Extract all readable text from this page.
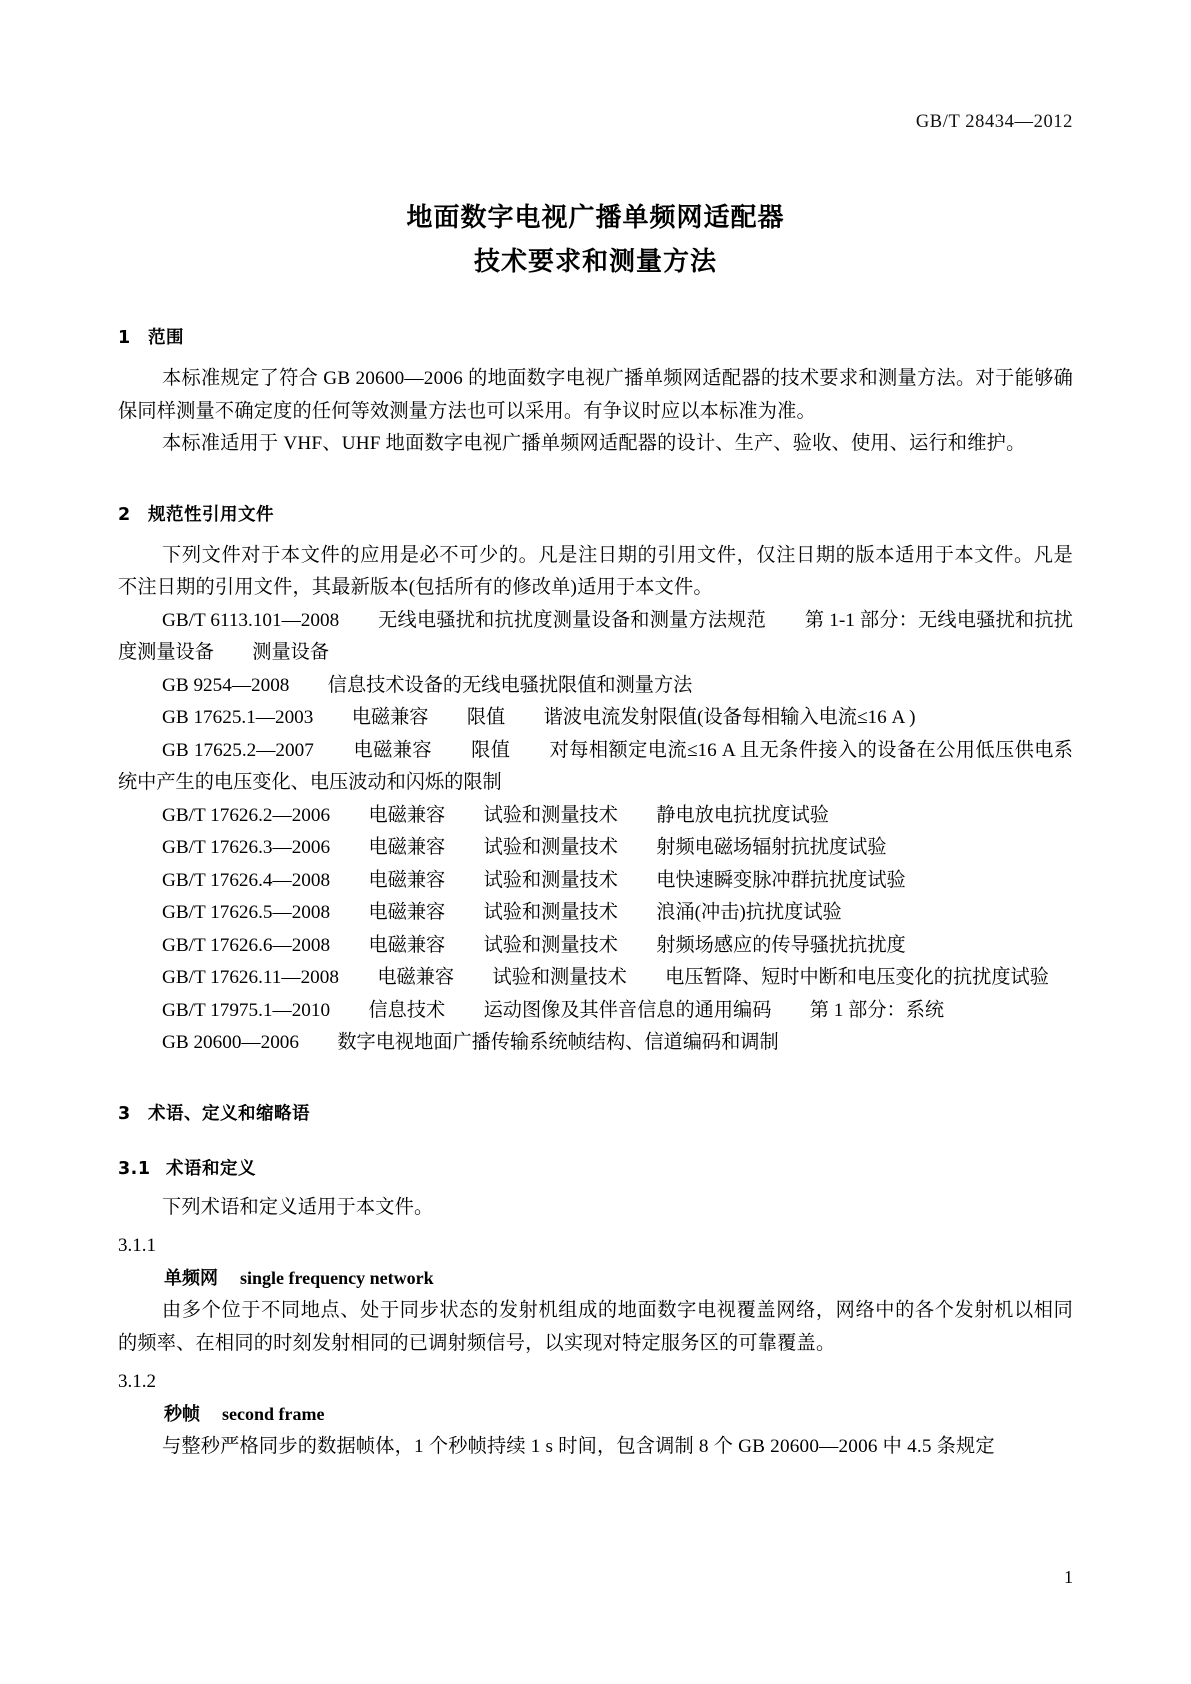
GB/T 28434—2012
地面数字电视广播单频网适配器
技术要求和测量方法
1 范围

本标准规定了符合 GB 20600—2006 的地面数字电视广播单频网适配器的技术要求和测量方法。对于能够确保同样测量不确定度的任何等效测量方法也可以采用。有争议时应以本标准为准。

本标准适用于 VHF、UHF 地面数字电视广播单频网适配器的设计、生产、验收、使用、运行和维护。

2 规范性引用文件

下列文件对于本文件的应用是必不可少的。凡是注日期的引用文件，仅注日期的版本适用于本文件。凡是不注日期的引用文件，其最新版本(包括所有的修改单)适用于本文件。

GB/T 6113.101—2008　　无线电骚扰和抗扰度测量设备和测量方法规范　　第 1-1 部分：无线电骚扰和抗扰度测量设备　　测量设备

GB 9254—2008　　信息技术设备的无线电骚扰限值和测量方法

GB 17625.1—2003　　电磁兼容　　限值　　谐波电流发射限值(设备每相输入电流≤16 A )

GB 17625.2—2007　　电磁兼容　　限值　　对每相额定电流≤16 A 且无条件接入的设备在公用低压供电系统中产生的电压变化、电压波动和闪烁的限制

GB/T 17626.2—2006　　电磁兼容　　试验和测量技术　　静电放电抗扰度试验

GB/T 17626.3—2006　　电磁兼容　　试验和测量技术　　射频电磁场辐射抗扰度试验

GB/T 17626.4—2008　　电磁兼容　　试验和测量技术　　电快速瞬变脉冲群抗扰度试验

GB/T 17626.5—2008　　电磁兼容　　试验和测量技术　　浪涌(冲击)抗扰度试验

GB/T 17626.6—2008　　电磁兼容　　试验和测量技术　　射频场感应的传导骚扰抗扰度

GB/T 17626.11—2008　　电磁兼容　　试验和测量技术　　电压暂降、短时中断和电压变化的抗扰度试验

GB/T 17975.1—2010　　信息技术　　运动图像及其伴音信息的通用编码　　第 1 部分：系统

GB 20600—2006　　数字电视地面广播传输系统帧结构、信道编码和调制

3 术语、定义和缩略语
3.1 术语和定义

下列术语和定义适用于本文件。

3.1.1

单频网 single frequency network

由多个位于不同地点、处于同步状态的发射机组成的地面数字电视覆盖网络，网络中的各个发射机以相同的频率、在相同的时刻发射相同的已调射频信号，以实现对特定服务区的可靠覆盖。

3.1.2

秒帧 second frame

与整秒严格同步的数据帧体，1 个秒帧持续 1 s 时间，包含调制 8 个 GB 20600—2006 中 4.5 条规定

1
